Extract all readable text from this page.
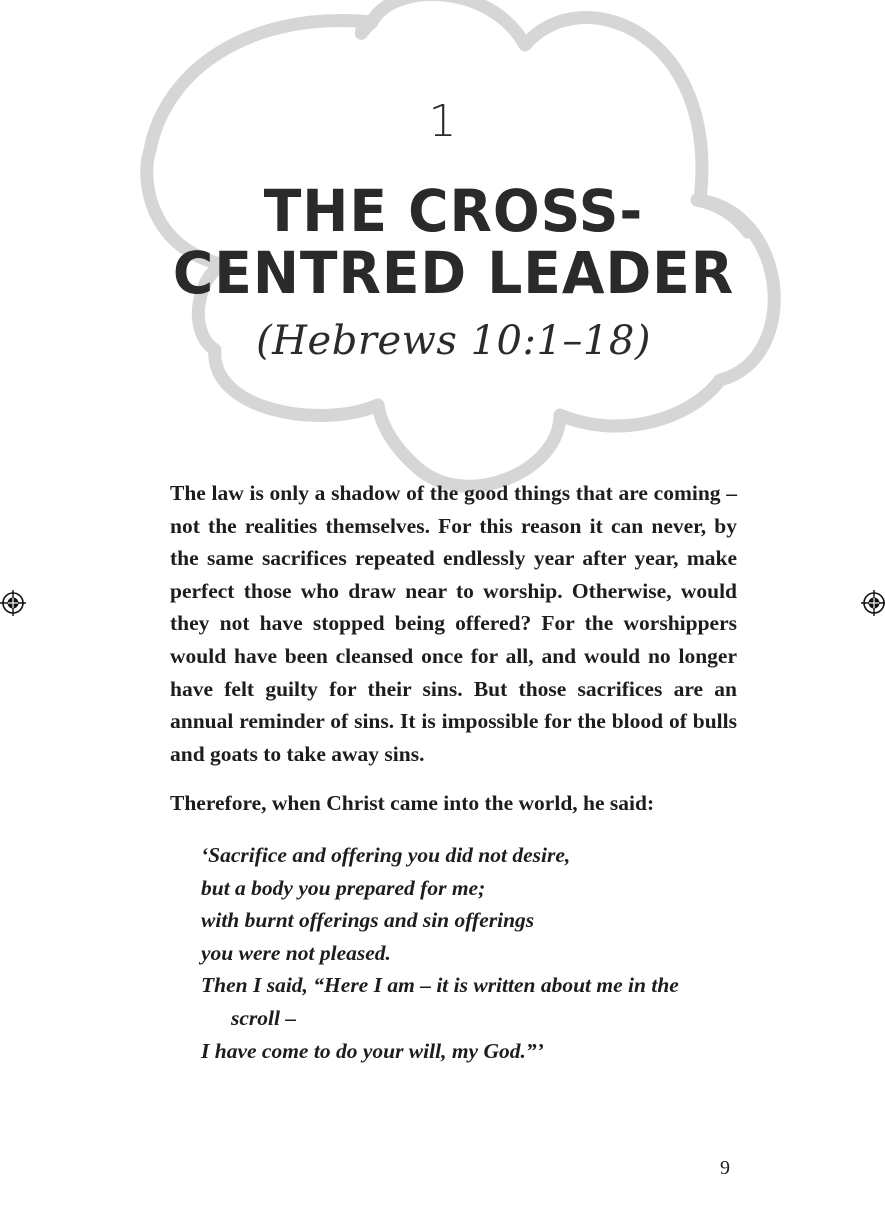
1
THE CROSS-
CENTRED LEADER
(Hebrews 10:1–18)

The law is only a shadow of the good things that are coming – not the realities themselves. For this reason it can never, by the same sacrifices repeated endlessly year after year, make perfect those who draw near to worship. Otherwise, would they not have stopped being offered? For the worshippers would have been cleansed once for all, and would no longer have felt guilty for their sins. But those sacrifices are an annual reminder of sins. It is impossible for the blood of bulls and goats to take away sins.

Therefore, when Christ came into the world, he said:
‘Sacrifice and offering you did not desire,
but a body you prepared for me;
with burnt offerings and sin offerings
you were not pleased.
Then I said, “Here I am – it is written about me in the
scroll –
I have come to do your will, my God.”’
9
